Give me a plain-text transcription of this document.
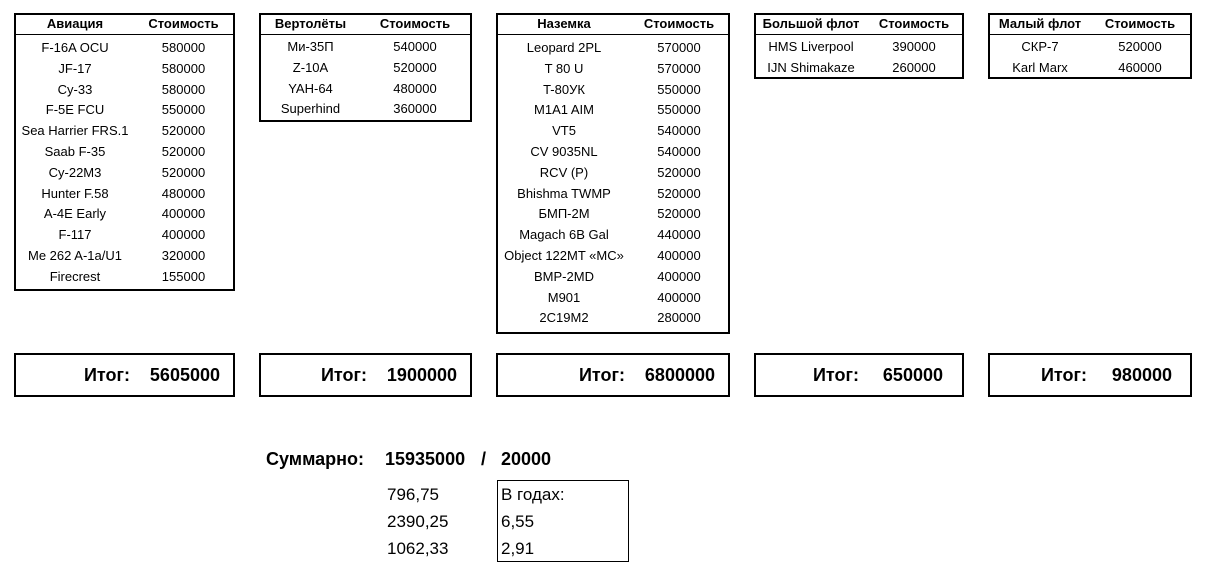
Авиация	Стоимость
F-16A OCU	580000
JF-17	580000
Су-33	580000
F-5E FCU	550000
Sea Harrier FRS.1	520000
Saab F-35	520000
Су-22М3	520000
Hunter F.58	480000
A-4E Early	400000
F-117	400000
Me 262 A-1a/U1	320000
Firecrest	155000
Вертолёты	Стоимость
Ми-35П	540000
Z-10A	520000
YAH-64	480000
Superhind	360000
Наземка	Стоимость
Leopard 2PL	570000
T 80 U	570000
T-80УК	550000
M1A1 AIM	550000
VT5	540000
CV 9035NL	540000
RCV (P)	520000
Bhishma TWMP	520000
БМП-2М	520000
Magach 6B Gal	440000
Object 122MT «MC»	400000
BMP-2MD	400000
M901	400000
2С19М2	280000
Большой флот	Стоимость
HMS Liverpool	390000
IJN Shimakaze	260000
Малый флот	Стоимость
СКР-7	520000
Karl Marx	460000
Итог: 5605000	Итог: 1900000	Итог: 6800000	Итог: 650000	Итог: 980000
Суммарно: 15935000 / 20000
796,75
2390,25
1062,33
В годах:
6,55
2,91
